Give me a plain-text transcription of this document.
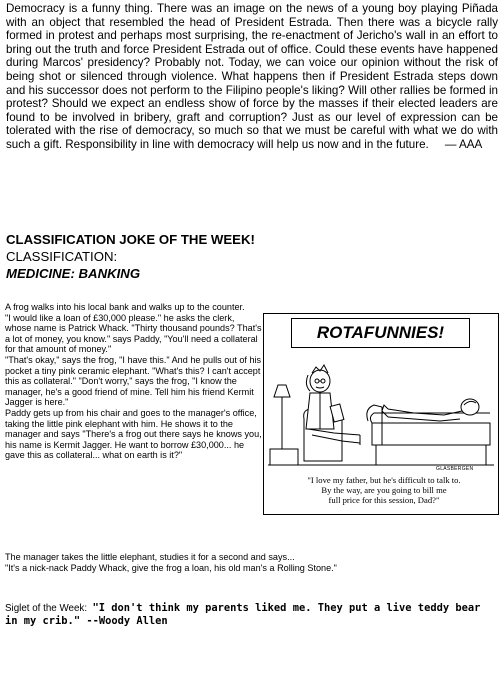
Democracy is a funny thing. There was an image on the news of a young boy playing Piñada with an object that resembled the head of President Estrada. Then there was a bicycle rally formed in protest and perhaps most surprising, the re-enactment of Jericho's wall in an effort to bring out the truth and force President Estrada out of office. Could these events have happened during Marcos' presidency? Probably not. Today, we can voice our opinion without the risk of being shot or silenced through violence. What happens then if President Estrada steps down and his successor does not perform to the Filipino people's liking? Will other rallies be formed in protest? Should we expect an endless show of force by the masses if their elected leaders are found to be involved in bribery, graft and corruption? Just as our level of expression can be tolerated with the rise of democracy, so much so that we must be careful with what we do with such a gift. Responsibility in line with democracy will help us now and in the future. — AAA
CLASSIFICATION JOKE OF THE WEEK!
CLASSIFICATION:
MEDICINE: BANKING

A frog walks into his local bank and walks up to the counter.

"I would like a loan of £30,000 please." he asks the clerk, whose name is Patrick Whack. "Thirty thousand pounds? That's a lot of money, you know." says Paddy, "You'll need a collateral for that amount of money."

"That's okay," says the frog, "I have this." And he pulls out of his pocket a tiny pink ceramic elephant. "What's this? I can't accept this as collateral." "Don't worry," says the frog, "I know the manager, he's a good friend of mine. Tell him his friend Kermit Jagger is here."

Paddy gets up from his chair and goes to the manager's office, taking the little pink elephant with him. He shows it to the manager and says "There's a frog out there says he knows you, his name is Kermit Jagger. He want to borrow £30,000... he gave this as collateral... what on earth is it?"

ROTAFUNNIES!
GLASBERGEN
"I love my father, but he's difficult to talk to.
By the way, are you going to bill me
full price for this session, Dad?"

The manager takes the little elephant, studies it for a second and says...

"It's a nick-nack Paddy Whack, give the frog a loan, his old man's a Rolling Stone."

Siglet of the Week: "I don't think my parents liked me. They put a live teddy bear in my crib." --Woody Allen
